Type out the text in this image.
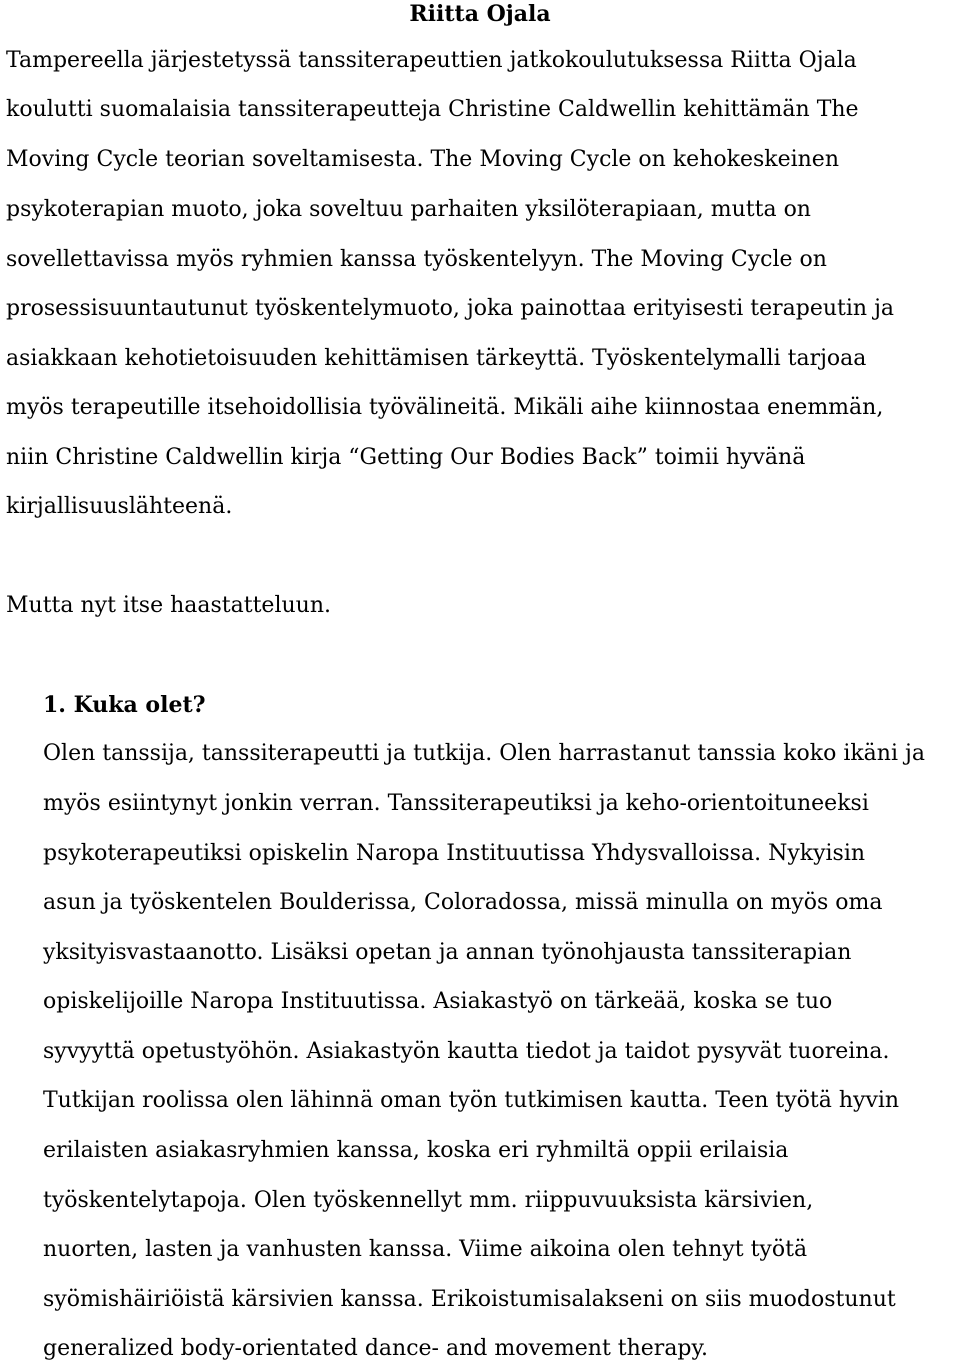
Riitta Ojala
Tampereella järjestetyssä tanssiterapeuttien jatkokoulutuksessa Riitta Ojala
koulutti suomalaisia tanssiterapeutteja Christine Caldwellin kehittämän The
Moving Cycle teorian soveltamisesta. The Moving Cycle on kehokeskeinen
psykoterapian muoto, joka soveltuu parhaiten yksilöterapiaan, mutta on
sovellettavissa myös ryhmien kanssa työskentelyyn. The Moving Cycle on
prosessisuuntautunut työskentelymuoto, joka painottaa erityisesti terapeutin ja
asiakkaan kehotietoisuuden kehittämisen tärkeyttä. Työskentelymalli tarjoaa
myös terapeutille itsehoidollisia työvälineitä. Mikäli aihe kiinnostaa enemmän,
niin Christine Caldwellin kirja “Getting Our Bodies Back” toimii hyvänä
kirjallisuuslähteenä.
Mutta nyt itse haastatteluun.
1. Kuka olet?
Olen tanssija, tanssiterapeutti ja tutkija. Olen harrastanut tanssia koko ikäni ja
myös esiintynyt jonkin verran. Tanssiterapeutiksi ja keho-orientoituneeksi
psykoterapeutiksi opiskelin Naropa Instituutissa Yhdysvalloissa. Nykyisin
asun ja työskentelen Boulderissa, Coloradossa, missä minulla on myös oma
yksityisvastaanotto. Lisäksi opetan ja annan työnohjausta tanssiterapian
opiskelijoille Naropa Instituutissa. Asiakastyö on tärkeää, koska se tuo
syvyyttä opetustyöhön. Asiakastyön kautta tiedot ja taidot pysyvät tuoreina.
Tutkijan roolissa olen lähinnä oman työn tutkimisen kautta. Teen työtä hyvin
erilaisten asiakasryhmien kanssa, koska eri ryhmiltä oppii erilaisia
työskentelytapoja. Olen työskennellyt mm. riippuvuuksista kärsivien,
nuorten, lasten ja vanhusten kanssa. Viime aikoina olen tehnyt työtä
syömishäiriöistä kärsivien kanssa. Erikoistumisalakseni on siis muodostunut
generalized body-orientated dance- and movement therapy.
